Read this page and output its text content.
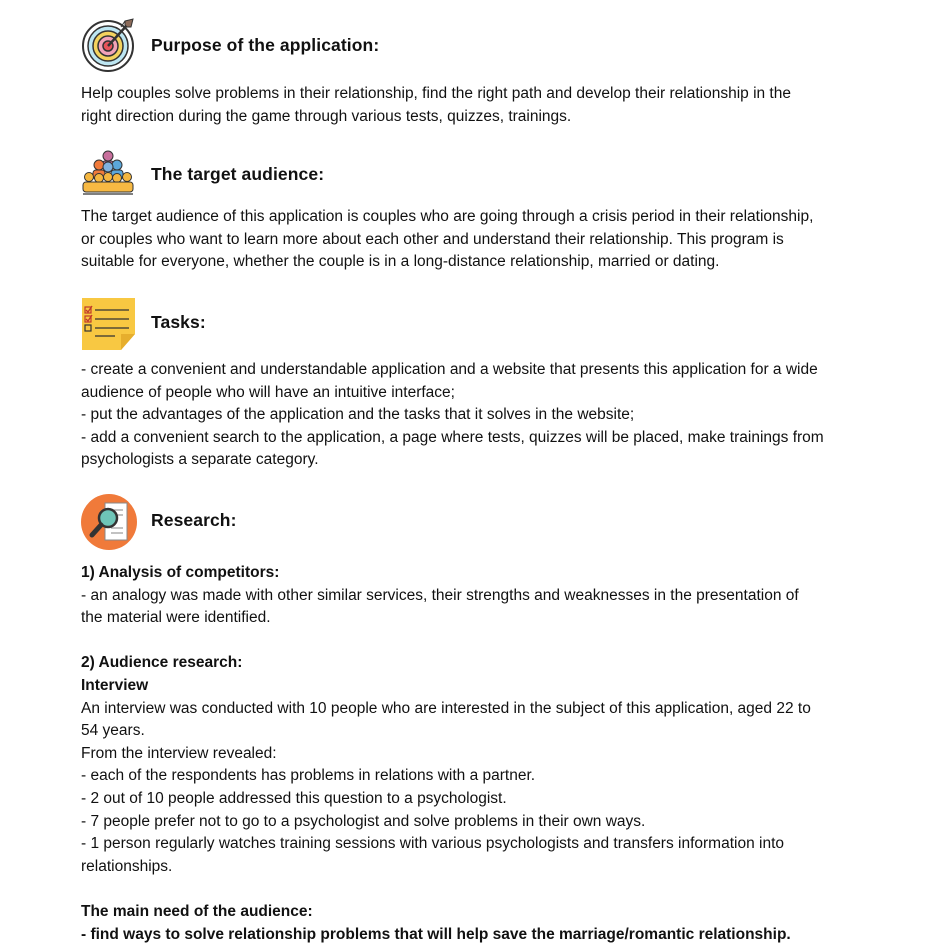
Purpose of the application:
Help couples solve problems in their relationship, find the right path and develop their relationship in the
right direction during the game through various tests, quizzes, trainings.
The target audience:
The target audience of this application is couples who are going through a crisis period in their relationship,
or couples who want to learn more about each other and understand their relationship. This program is
suitable for everyone, whether the couple is in a long-distance relationship, married or dating.
Tasks:
- create a convenient and understandable application and a website that presents this application for a wide
audience of people who will have an intuitive interface;
- put the advantages of the application and the tasks that it solves in the website;
- add a convenient search to the application, a page where tests, quizzes will be placed, make trainings from
psychologists a separate category.
Research:
1) Analysis of competitors:
- an analogy was made with other similar services, their strengths and weaknesses in the presentation of
the material were identified.
2) Audience research:
Interview
An interview was conducted with 10 people who are interested in the subject of this application, aged 22 to
54 years.
From the interview revealed:
- each of the respondents has problems in relations with a partner.
- 2 out of 10 people addressed this question to a psychologist.
- 7 people prefer not to go to a psychologist and solve problems in their own ways.
- 1 person regularly watches training sessions with various psychologists and transfers information into
relationships.
The main need of the audience:
- find ways to solve relationship problems that will help save the marriage/romantic relationship.
